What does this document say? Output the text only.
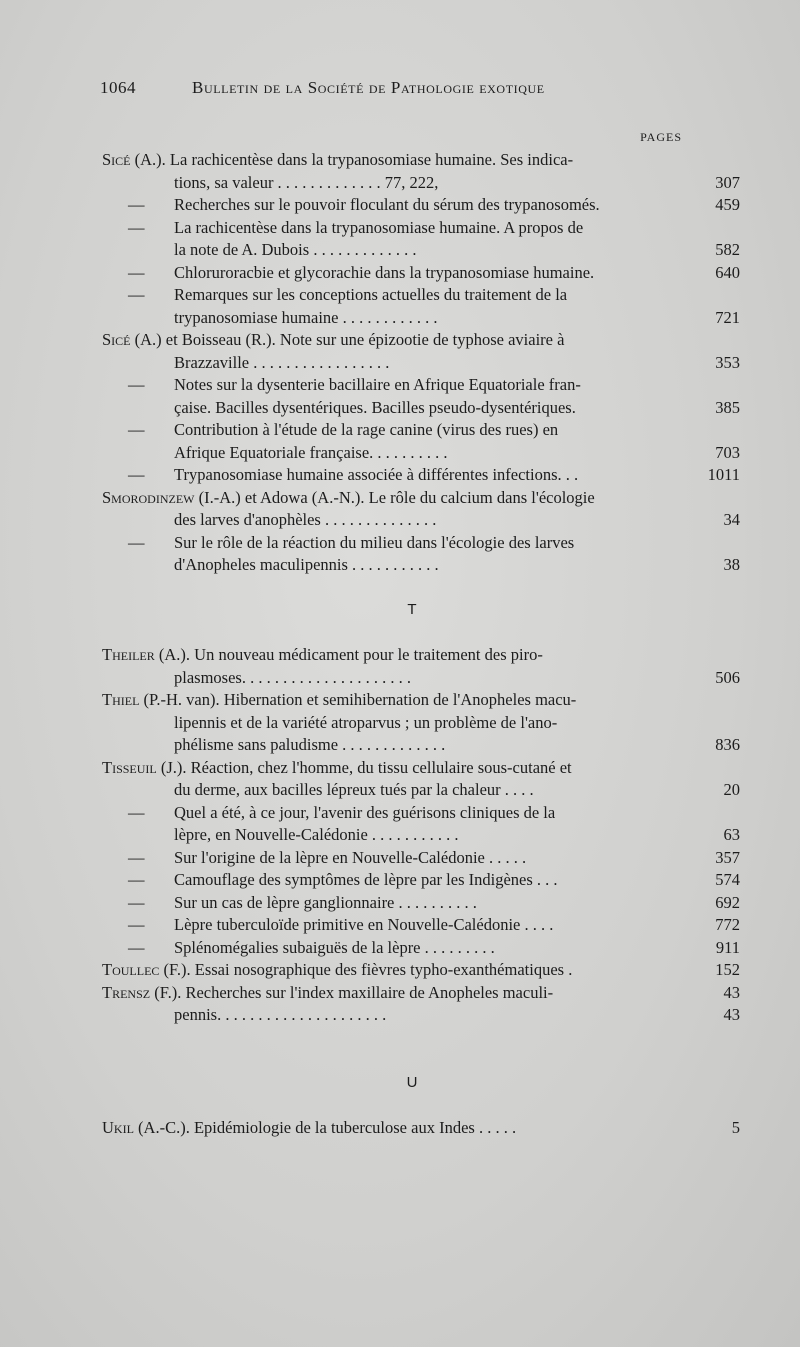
1064	Bulletin de la Société de Pathologie exotique
PAGES
Sicé (A.). La rachicentèse dans la trypanosomiase humaine. Ses indica-
tions, sa valeur . . . . . . . . . . . . . 77, 222,	307
— Recherches sur le pouvoir floculant du sérum des trypanosomés.	459
— La rachicentèse dans la trypanosomiase humaine. A propos de
la note de A. Dubois . . . . . . . . . . . . .	582
— Chloruroracbie et glycorachie dans la trypanosomiase humaine.	640
— Remarques sur les conceptions actuelles du traitement de la
trypanosomiase humaine . . . . . . . . . . . .	721
Sicé (A.) et Boisseau (R.). Note sur une épizootie de typhose aviaire à
Brazzaville . . . . . . . . . . . . . . . . .	353
— Notes sur la dysenterie bacillaire en Afrique Equatoriale fran-
çaise. Bacilles dysentériques. Bacilles pseudo-dysentériques.	385
— Contribution à l'étude de la rage canine (virus des rues) en
Afrique Equatoriale française. . . . . . . . . .	703
— Trypanosomiase humaine associée à différentes infections. . .	1011
Smorodinzew (I.-A.) et Adowa (A.-N.). Le rôle du calcium dans l'écologie
des larves d'anophèles . . . . . . . . . . . . . .	34
— Sur le rôle de la réaction du milieu dans l'écologie des larves
d'Anopheles maculipennis . . . . . . . . . . .	38
T
Theiler (A.). Un nouveau médicament pour le traitement des piro-
plasmoses. . . . . . . . . . . . . . . . . . . . .	506
Thiel (P.-H. van). Hibernation et semihibernation de l'Anopheles macu-
lipennis et de la variété atroparvus ; un problème de l'ano-
phélisme sans paludisme . . . . . . . . . . . . .	836
Tisseuil (J.). Réaction, chez l'homme, du tissu cellulaire sous-cutané et
du derme, aux bacilles lépreux tués par la chaleur . . . .	20
— Quel a été, à ce jour, l'avenir des guérisons cliniques de la
lèpre, en Nouvelle-Calédonie . . . . . . . . . . .	63
— Sur l'origine de la lèpre en Nouvelle-Calédonie . . . . .	357
— Camouflage des symptômes de lèpre par les Indigènes . . .	574
— Sur un cas de lèpre ganglionnaire . . . . . . . . . .	692
— Lèpre tuberculoïde primitive en Nouvelle-Calédonie . . . .	772
— Splénomégalies subaiguës de la lèpre . . . . . . . . .	911
Toullec (F.). Essai nosographique des fièvres typho-exanthématiques .	152
Trensz (F.). Recherches sur l'index maxillaire de Anopheles maculi-	43
pennis. . . . . . . . . . . . . . . . . . . . .	43
U
Ukil (A.-C.). Epidémiologie de la tuberculose aux Indes . . . . .	5
